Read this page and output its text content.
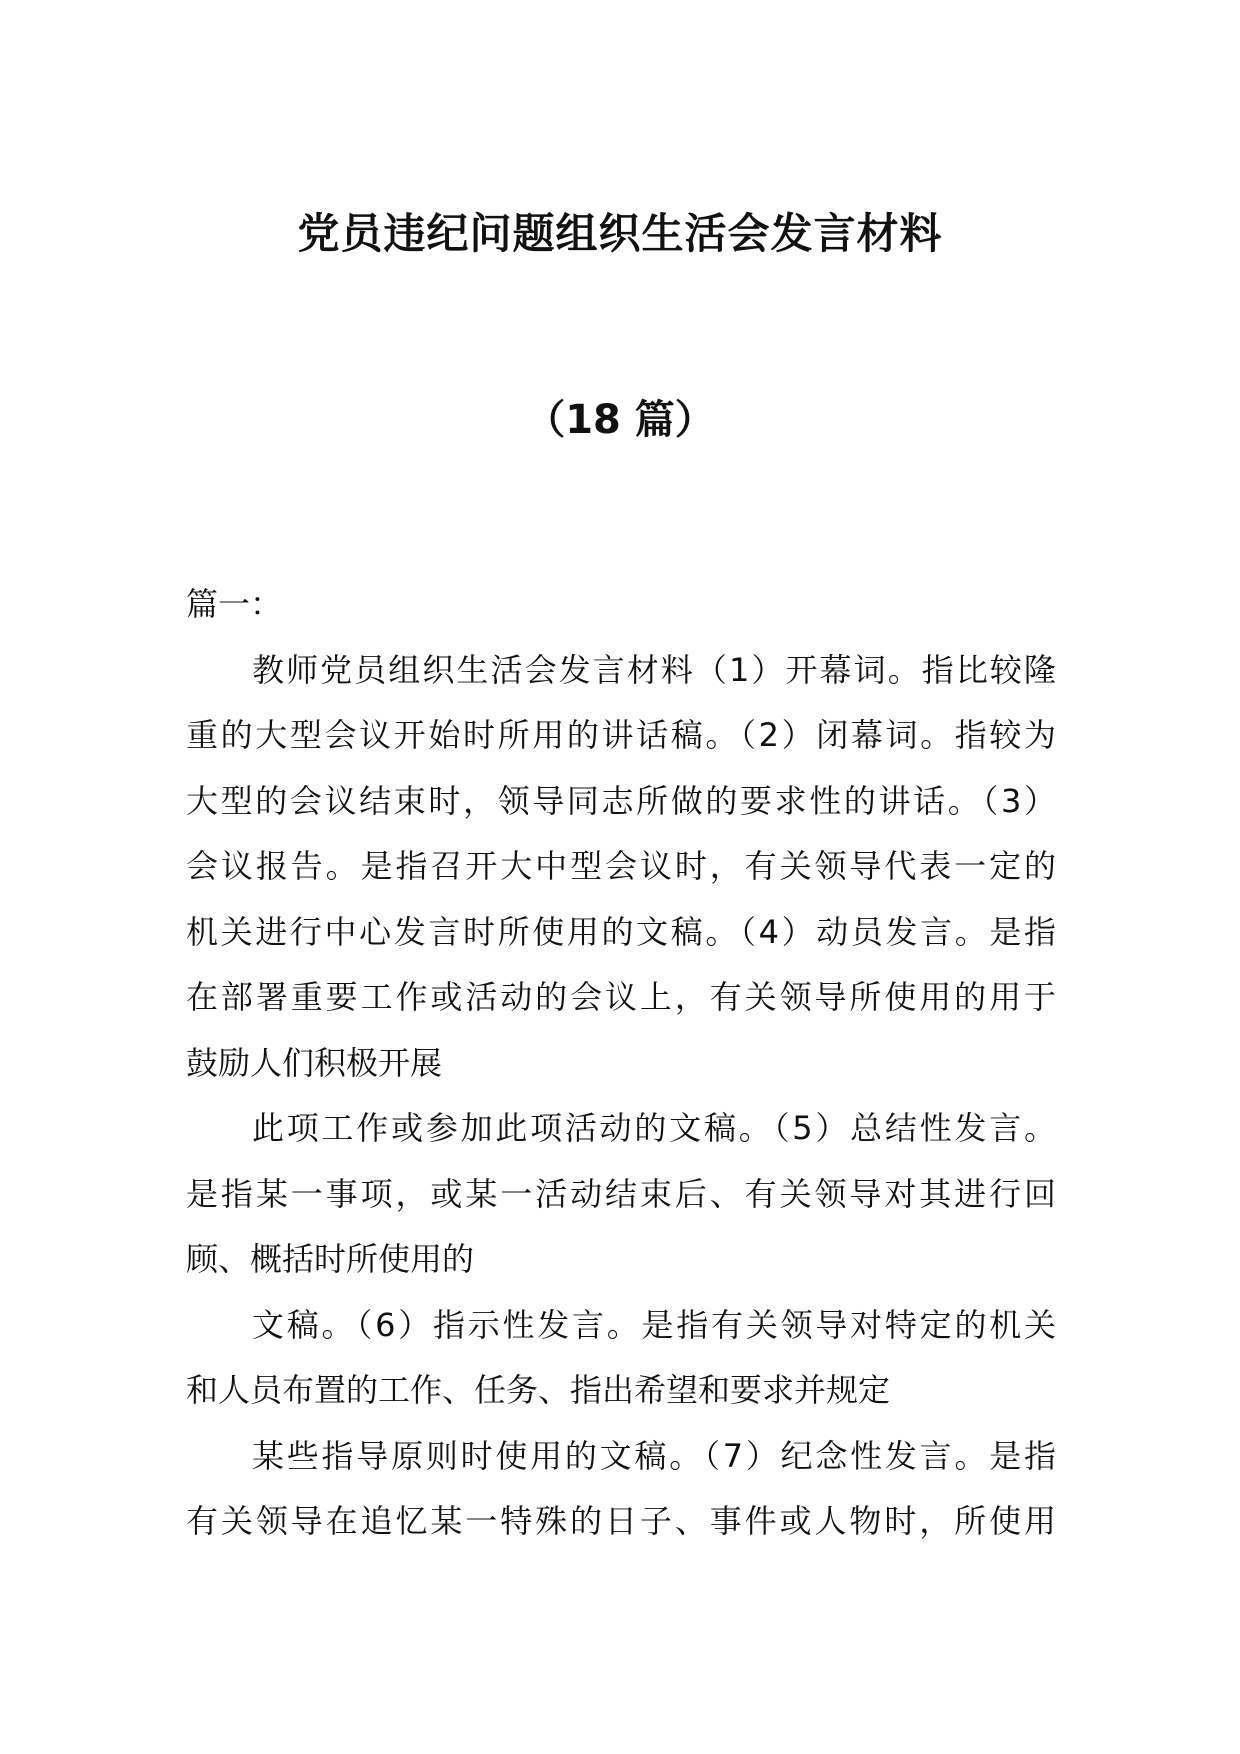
党员违纪问题组织生活会发言材料
（18 篇）
篇一：
教师党员组织生活会发言材料（1）开幕词。指比较隆
重的大型会议开始时所用的讲话稿。（2）闭幕词。指较为
大型的会议结束时，领导同志所做的要求性的讲话。（3）
会议报告。是指召开大中型会议时，有关领导代表一定的
机关进行中心发言时所使用的文稿。（4）动员发言。是指
在部署重要工作或活动的会议上，有关领导所使用的用于
鼓励人们积极开展
此项工作或参加此项活动的文稿。（5）总结性发言。
是指某一事项，或某一活动结束后、有关领导对其进行回
顾、概括时所使用的
文稿。（6）指示性发言。是指有关领导对特定的机关
和人员布置的工作、任务、指出希望和要求并规定
某些指导原则时使用的文稿。（7）纪念性发言。是指
有关领导在追忆某一特殊的日子、事件或人物时，所使用
